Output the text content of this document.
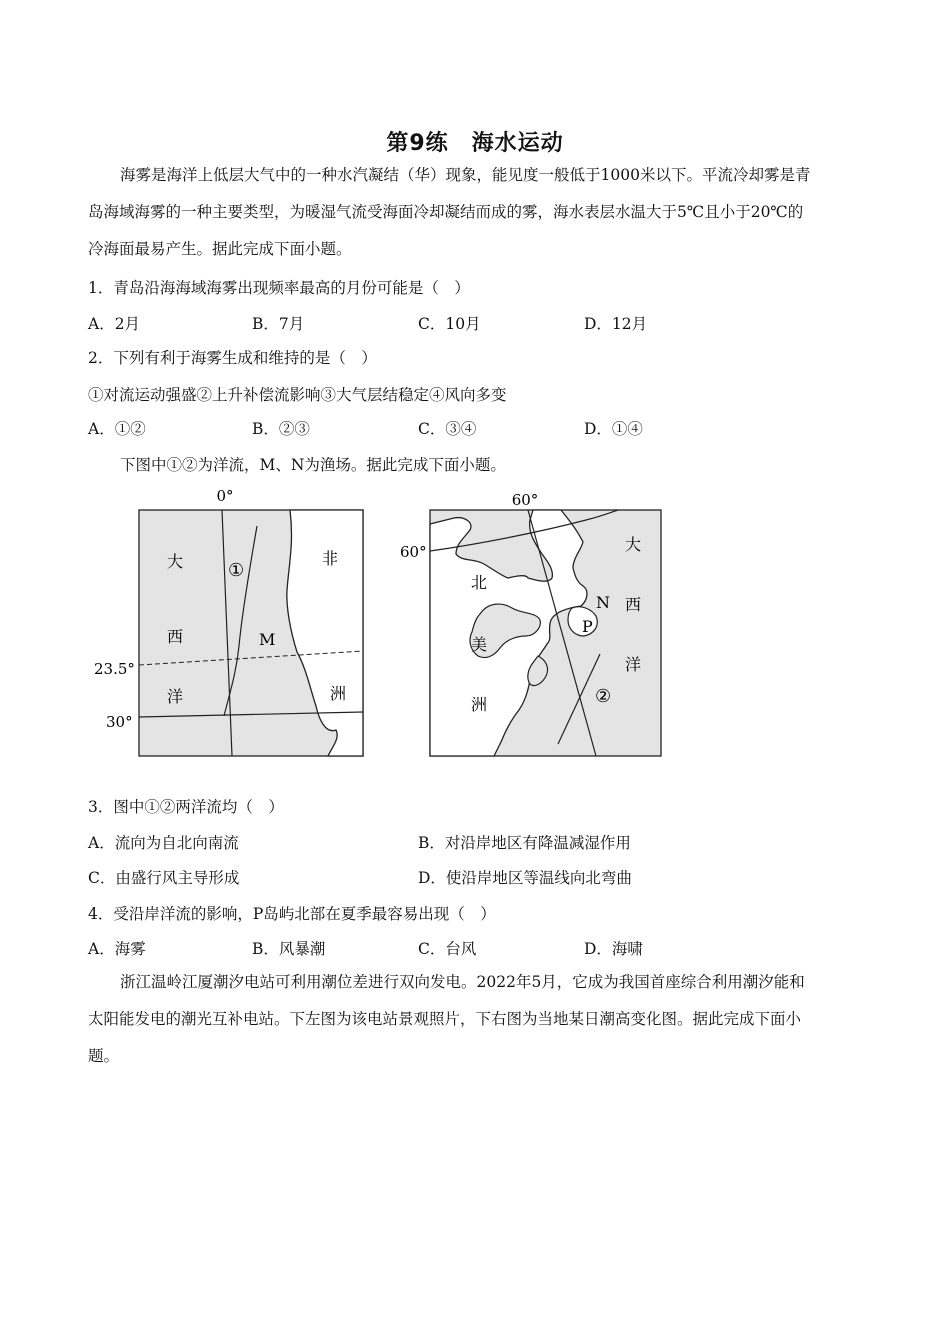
第9练　海水运动
海雾是海洋上低层大气中的一种水汽凝结（华）现象，能见度一般低于1000米以下。平流冷却雾是青
岛海域海雾的一种主要类型，为暖湿气流受海面冷却凝结而成的雾，海水表层水温大于5℃且小于20℃的
冷海面最易产生。据此完成下面小题。
1．青岛沿海海域海雾出现频率最高的月份可能是（　）
A．2月	B．7月	C．10月	D．12月
2．下列有利于海雾生成和维持的是（　）
①对流运动强盛②上升补偿流影响③大气层结稳定④风向多变
A．①②	B．②③	C．③④	D．①④
下图中①②为洋流，M、N为渔场。据此完成下面小题。
0°
23.5°
30°
大
西
洋
非
洲
①
M
60°
60°
北
美
洲
大
西
洋
N
P
②
3．图中①②两洋流均（　）
A．流向为自北向南流	B．对沿岸地区有降温减湿作用
C．由盛行风主导形成	D．使沿岸地区等温线向北弯曲
4．受沿岸洋流的影响，P岛屿北部在夏季最容易出现（　）
A．海雾	B．风暴潮	C．台风	D．海啸
浙江温岭江厦潮汐电站可利用潮位差进行双向发电。2022年5月，它成为我国首座综合利用潮汐能和
太阳能发电的潮光互补电站。下左图为该电站景观照片，下右图为当地某日潮高变化图。据此完成下面小
题。
